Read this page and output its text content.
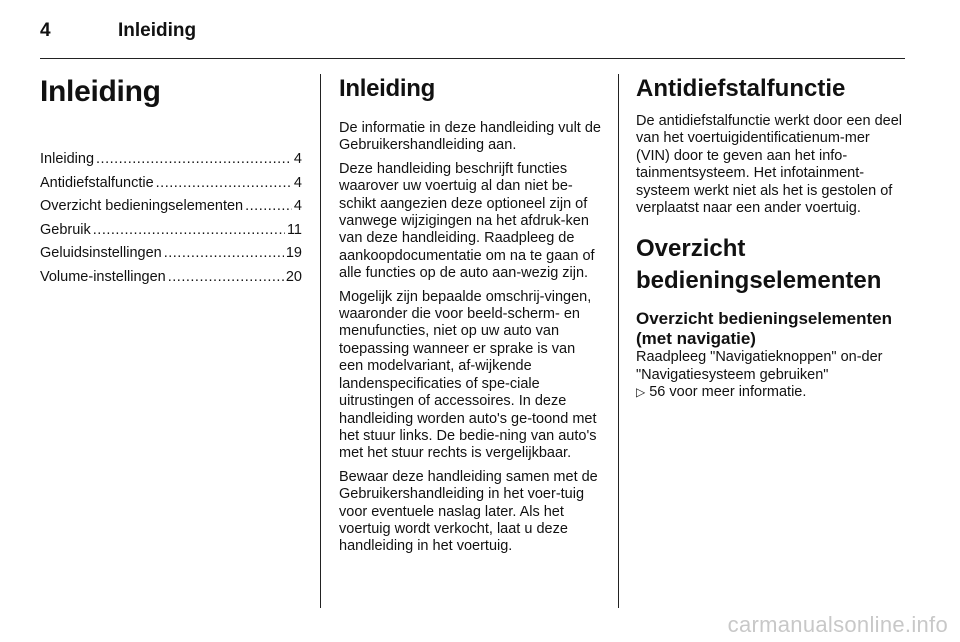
4	Inleiding
Inleiding
Inleiding .....	4
Antidiefstalfunctie .....	4
Overzicht bedieningselementen .....	4
Gebruik .....	11
Geluidsinstellingen .....	19
Volume-instellingen .....	20
Inleiding

De informatie in deze handleiding vult de Gebruikershandleiding aan.

Deze handleiding beschrijft functies waarover uw voertuig al dan niet be-schikt aangezien deze optioneel zijn of vanwege wijzigingen na het afdruk-ken van deze handleiding. Raadpleeg de aankoopdocumentatie om na te gaan of alle functies op de auto aan-wezig zijn.

Mogelijk zijn bepaalde omschrij-vingen, waaronder die voor beeld-scherm- en menufuncties, niet op uw auto van toepassing wanneer er sprake is van een modelvariant, af-wijkende landenspecificaties of spe-ciale uitrustingen of accessoires. In deze handleiding worden auto's ge-toond met het stuur links. De bedie-ning van auto's met het stuur rechts is vergelijkbaar.

Bewaar deze handleiding samen met de Gebruikershandleiding in het voer-tuig voor eventuele naslag later. Als het voertuig wordt verkocht, laat u deze handleiding in het voertuig.

Antidiefstalfunctie

De antidiefstalfunctie werkt door een deel van het voertuigidentificatienum-mer (VIN) door te geven aan het info-tainmentsysteem. Het infotainment-systeem werkt niet als het is gestolen of verplaatst naar een ander voertuig.

Overzicht bedieningselementen
Overzicht bedieningselementen (met navigatie)

Raadpleeg "Navigatieknoppen" on-der "Navigatiesysteem gebruiken"

▷ 56 voor meer informatie.
carmanualsonline.info
